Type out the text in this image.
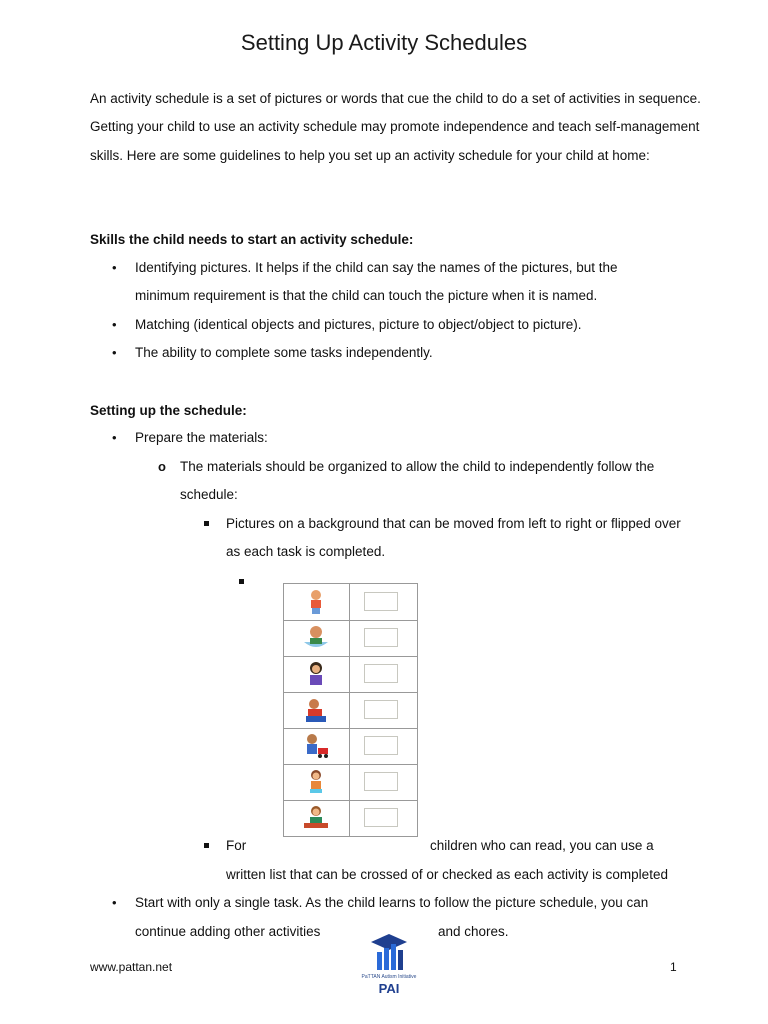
Setting Up Activity Schedules

An activity schedule is a set of pictures or words that cue the child to do a set of activities in sequence. Getting your child to use an activity schedule may promote independence and teach self-management skills. Here are some guidelines to help you set up an activity schedule for your child at home:

Skills the child needs to start an activity schedule:

• Identifying pictures. It helps if the child can say the names of the pictures, but the minimum requirement is that the child can touch the picture when it is named.

• Matching (identical objects and pictures, picture to object/object to picture).

• The ability to complete some tasks independently.

Setting up the schedule:

• Prepare the materials:

o The materials should be organized to allow the child to independently follow the schedule:

Pictures on a background that can be moved from left to right or flipped over as each task is completed.

For	children who can read, you can use a

written list that can be crossed of or checked as each activity is completed

• Start with only a single task. As the child learns to follow the picture schedule, you can

continue adding other activities	and chores.

PaTTAN Autism Initiative
PAI
www.pattan.net	1
